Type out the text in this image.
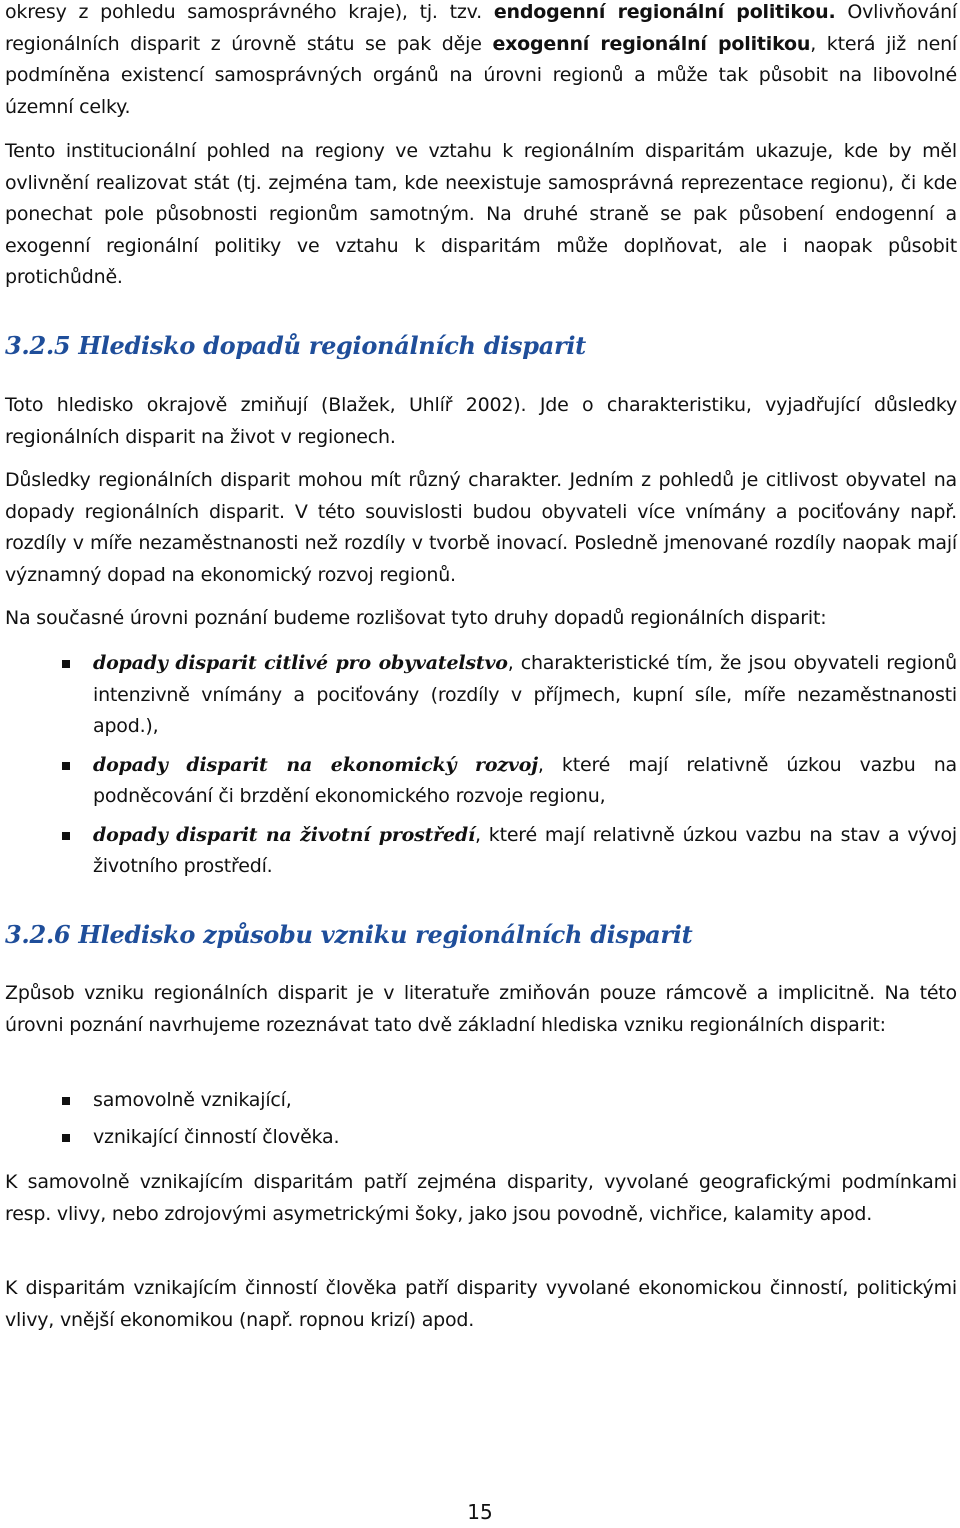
okresy z pohledu samosprávného kraje), tj. tzv. endogenní regionální politikou. Ovlivňování regionálních disparit z úrovně státu se pak děje exogenní regionální politikou, která již není podmíněna existencí samosprávných orgánů na úrovni regionů a může tak působit na libovolné územní celky.

Tento institucionální pohled na regiony ve vztahu k regionálním disparitám ukazuje, kde by měl ovlivnění realizovat stát (tj. zejména tam, kde neexistuje samosprávná reprezentace regionu), či kde ponechat pole působnosti regionům samotným. Na druhé straně se pak působení endogenní a exogenní regionální politiky ve vztahu k disparitám může doplňovat, ale i naopak působit protichůdně.

3.2.5 Hledisko dopadů regionálních disparit

Toto hledisko okrajově zmiňují (Blažek, Uhlíř 2002). Jde o charakteristiku, vyjadřující důsledky regionálních disparit na život v regionech.

Důsledky regionálních disparit mohou mít různý charakter. Jedním z pohledů je citlivost obyvatel na dopady regionálních disparit. V této souvislosti budou obyvateli více vnímány a pociťovány např. rozdíly v míře nezaměstnanosti než rozdíly v tvorbě inovací. Posledně jmenované rozdíly naopak mají významný dopad na ekonomický rozvoj regionů.

Na současné úrovni poznání budeme rozlišovat tyto druhy dopadů regionálních disparit:

dopady disparit citlivé pro obyvatelstvo, charakteristické tím, že jsou obyvateli regionů intenzivně vnímány a pociťovány (rozdíly v příjmech, kupní síle, míře nezaměstnanosti apod.),
dopady disparit na ekonomický rozvoj, které mají relativně úzkou vazbu na podněcování či brzdění ekonomického rozvoje regionu,
dopady disparit na životní prostředí, které mají relativně úzkou vazbu na stav a vývoj životního prostředí.
3.2.6 Hledisko způsobu vzniku regionálních disparit

Způsob vzniku regionálních disparit je v literatuře zmiňován pouze rámcově a implicitně. Na této úrovni poznání navrhujeme rozeznávat tato dvě základní hlediska vzniku regionálních disparit:

samovolně vznikající,
vznikající činností člověka.

K samovolně vznikajícím disparitám patří zejména disparity, vyvolané geografickými podmínkami resp. vlivy, nebo zdrojovými asymetrickými šoky, jako jsou povodně, vichřice, kalamity apod.

K disparitám vznikajícím činností člověka patří disparity vyvolané ekonomickou činností, politickými vlivy, vnější ekonomikou (např. ropnou krizí) apod.

15
